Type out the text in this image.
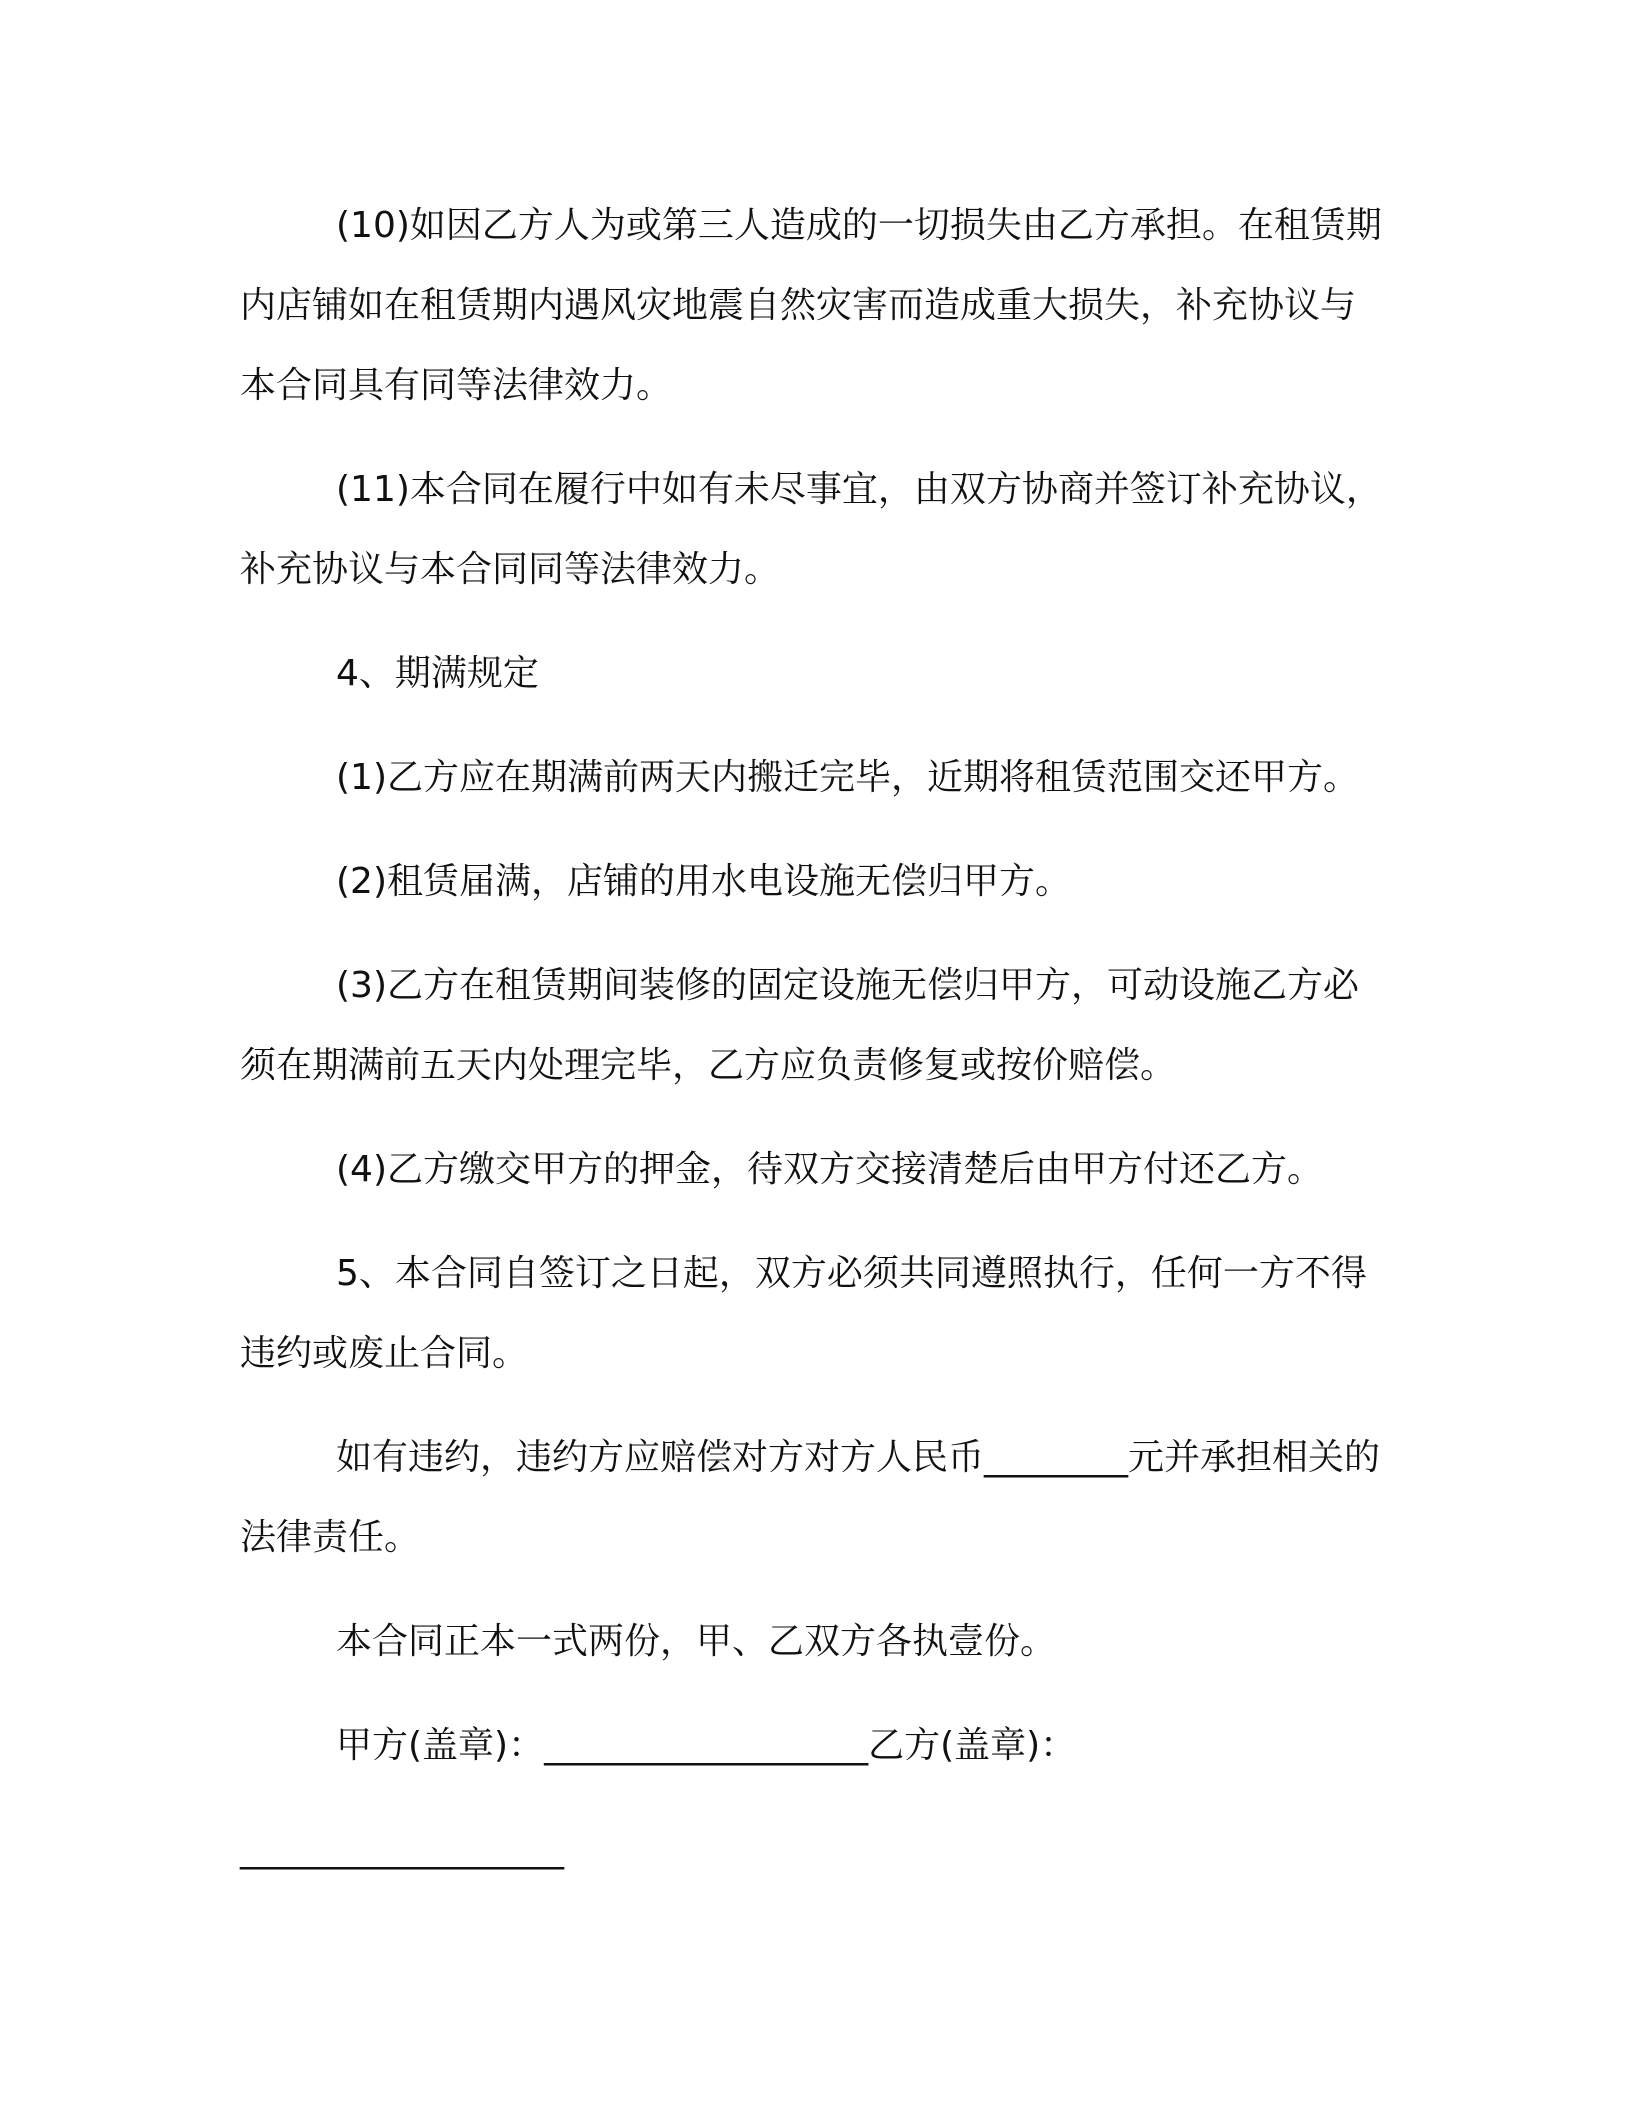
(10)如因乙方人为或第三人造成的一切损失由乙方承担。在租赁期内店铺如在租赁期内遇风灾地震自然灾害而造成重大损失，补充协议与本合同具有同等法律效力。

(11)本合同在履行中如有未尽事宜，由双方协商并签订补充协议，补充协议与本合同同等法律效力。

4、期满规定

(1)乙方应在期满前两天内搬迁完毕，近期将租赁范围交还甲方。

(2)租赁届满，店铺的用水电设施无偿归甲方。

(3)乙方在租赁期间装修的固定设施无偿归甲方，可动设施乙方必须在期满前五天内处理完毕，乙方应负责修复或按价赔偿。

(4)乙方缴交甲方的押金，待双方交接清楚后由甲方付还乙方。

5、本合同自签订之日起，双方必须共同遵照执行，任何一方不得违约或废止合同。

如有违约，违约方应赔偿对方对方人民币________元并承担相关的法律责任。

本合同正本一式两份，甲、乙双方各执壹份。

甲方(盖章)：__________________乙方(盖章)：

__________________
